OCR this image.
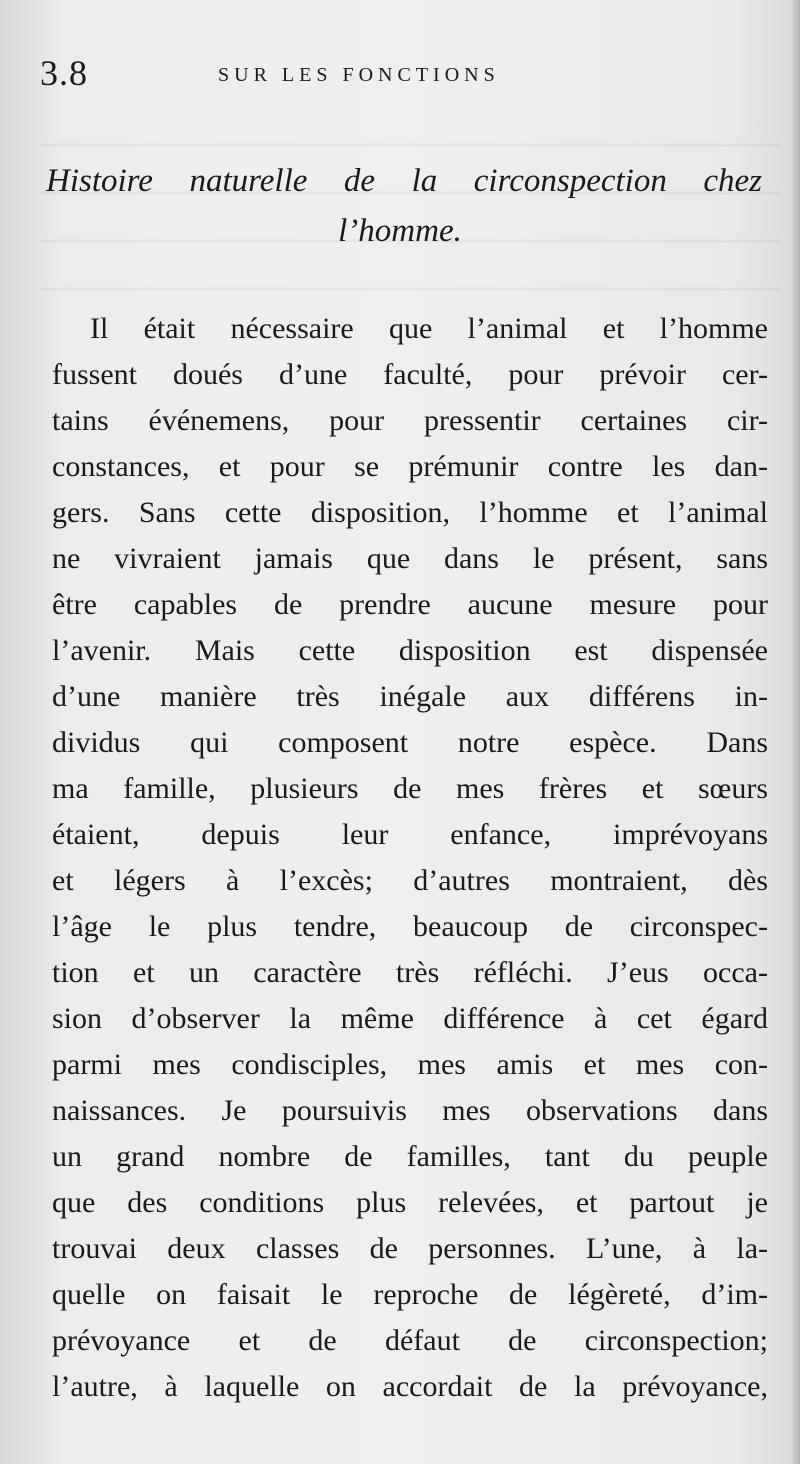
3.8	SUR LES FONCTIONS
Histoire naturelle de la circonspection chez
l’homme.
Il était nécessaire que l’animal et l’homme
fussent doués d’une faculté, pour prévoir cer-
tains événemens, pour pressentir certaines cir-
constances, et pour se prémunir contre les dan-
gers. Sans cette disposition, l’homme et l’animal
ne vivraient jamais que dans le présent, sans
être capables de prendre aucune mesure pour
l’avenir. Mais cette disposition est dispensée
d’une manière très inégale aux différens in-
dividus qui composent notre espèce. Dans
ma famille, plusieurs de mes frères et sœurs
étaient, depuis leur enfance, imprévoyans
et légers à l’excès; d’autres montraient, dès
l’âge le plus tendre, beaucoup de circonspec-
tion et un caractère très réfléchi. J’eus occa-
sion d’observer la même différence à cet égard
parmi mes condisciples, mes amis et mes con-
naissances. Je poursuivis mes observations dans
un grand nombre de familles, tant du peuple
que des conditions plus relevées, et partout je
trouvai deux classes de personnes. L’une, à la-
quelle on faisait le reproche de légèreté, d’im-
prévoyance et de défaut de circonspection;
l’autre, à laquelle on accordait de la prévoyance,
